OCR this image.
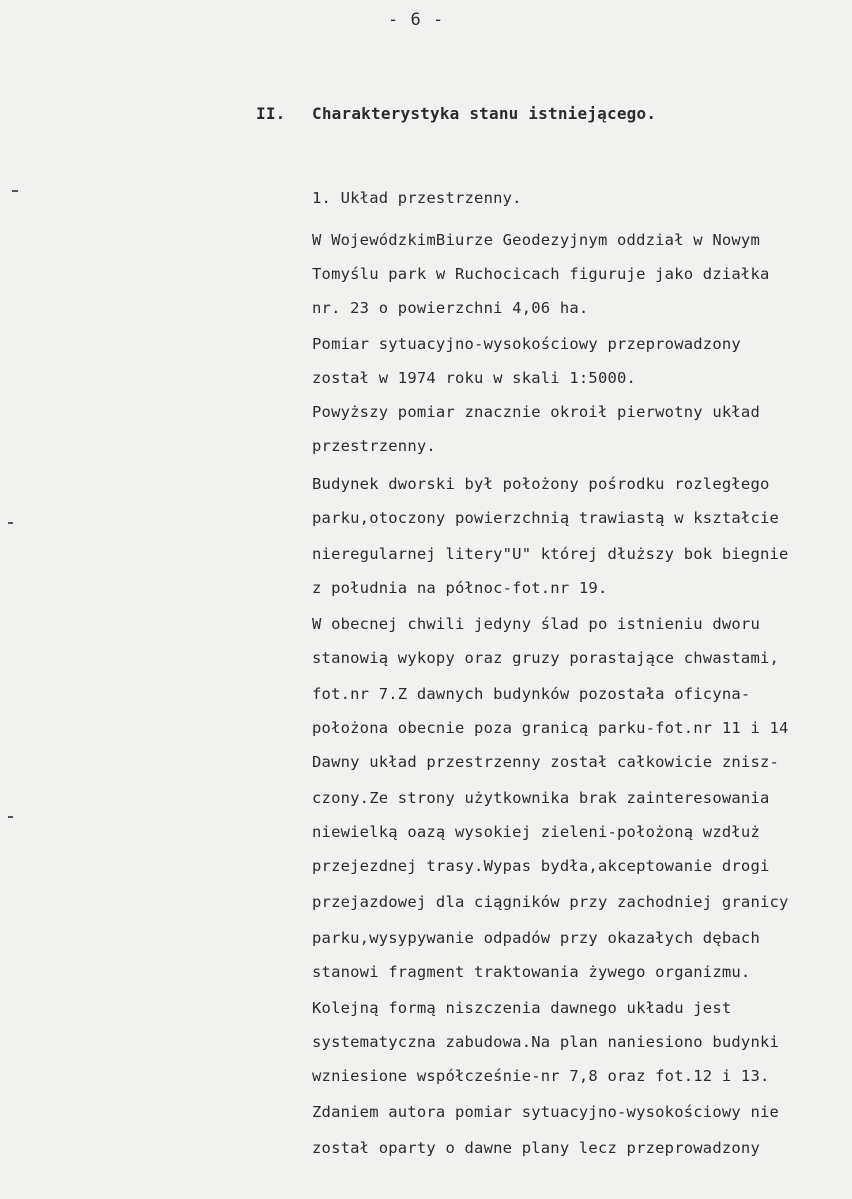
- 6 -
II. Charakterystyka stanu istniejącego.
1. Układ przestrzenny.
W WojewódzkimBiurze Geodezyjnym oddział w Nowym
Tomyślu park w Ruchocicach figuruje jako działka
nr. 23 o powierzchni 4,06 ha.
Pomiar sytuacyjno-wysokościowy przeprowadzony
został w 1974 roku w skali 1:5000.
Powyższy pomiar znacznie okroił pierwotny układ
przestrzenny.
Budynek dworski był położony pośrodku rozległego
parku,otoczony powierzchnią trawiastą w kształcie
nieregularnej litery"U" której dłuższy bok biegnie
z południa na północ-fot.nr 19.
W obecnej chwili jedyny ślad po istnieniu dworu
stanowią wykopy oraz gruzy porastające chwastami,
fot.nr 7.Z dawnych budynków pozostała oficyna-
położona obecnie poza granicą parku-fot.nr 11 i 14
Dawny układ przestrzenny został całkowicie znisz-
czony.Ze strony użytkownika brak zainteresowania
niewielką oazą wysokiej zieleni-położoną wzdłuż
przejezdnej trasy.Wypas bydła,akceptowanie drogi
przejazdowej dla ciągników przy zachodniej granicy
parku,wysypywanie odpadów przy okazałych dębach
stanowi fragment traktowania żywego organizmu.
Kolejną formą niszczenia dawnego układu jest
systematyczna zabudowa.Na plan naniesiono budynki
wzniesione współcześnie-nr 7,8 oraz fot.12 i 13.
Zdaniem autora pomiar sytuacyjno-wysokościowy nie
został oparty o dawne plany lecz przeprowadzony
